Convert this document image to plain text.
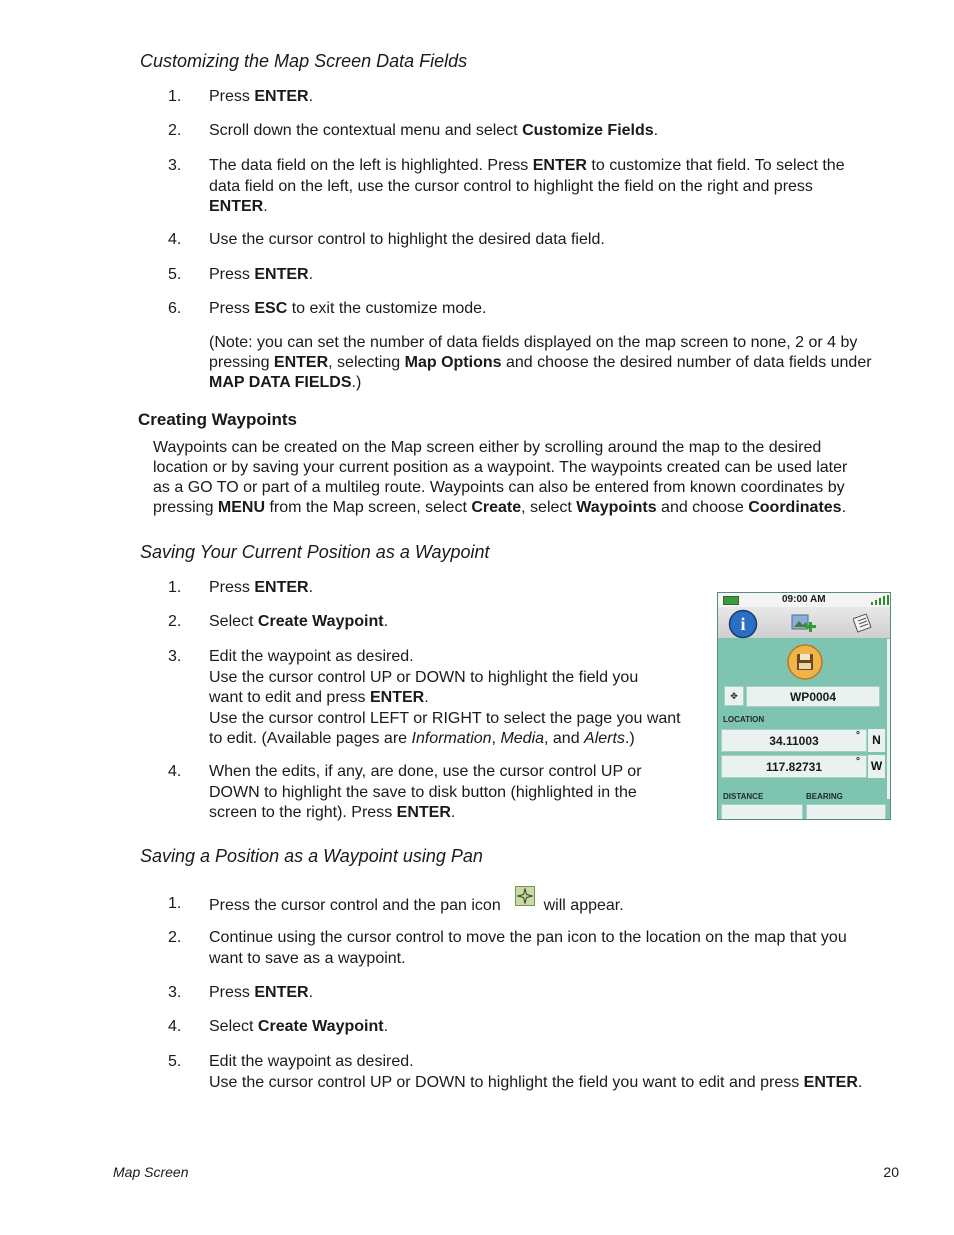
Customizing the Map Screen Data Fields
1.	Press ENTER.
2.	Scroll down the contextual menu and select Customize Fields.
3.	The data field on the left is highlighted. Press ENTER to customize that field. To select the
data field on the left, use the cursor control to highlight the field on the right and press
ENTER.
4.	Use the cursor control to highlight the desired data field.
5.	Press ENTER.
6.	Press ESC to exit the customize mode.
(Note: you can set the number of data fields displayed on the map screen to none, 2 or 4 by
pressing ENTER, selecting Map Options and choose the desired number of data fields under
MAP DATA FIELDS.)
Creating Waypoints
Waypoints can be created on the Map screen either by scrolling around the map to the desired
location or by saving your current position as a waypoint. The waypoints created can be used later
as a GO TO or part of a multileg route. Waypoints can also be entered from known coordinates by
pressing MENU from the Map screen, select Create, select Waypoints and choose Coordinates.
Saving Your Current Position as a Waypoint
1.	Press ENTER.
2.	Select Create Waypoint.
3.	Edit the waypoint as desired.
Use the cursor control UP or DOWN to highlight the field you
want to edit and press ENTER.
Use the cursor control LEFT or RIGHT to select the page you want
to edit. (Available pages are Information, Media, and Alerts.)
4.	When the edits, if any, are done, use the cursor control UP or
DOWN to highlight the save to disk button (highlighted in the
screen to the right). Press ENTER.
09:00 AM
i
✥	WP0004
LOCATION
34.11003	°	N
117.82731	° W
DISTANCE	BEARING
Saving a Position as a Waypoint using Pan
1.	Press the cursor control and the pan icon	will appear.
2.	Continue using the cursor control to move the pan icon to the location on the map that you
want to save as a waypoint.
3.	Press ENTER.
4.	Select Create Waypoint.
5.	Edit the waypoint as desired.
Use the cursor control UP or DOWN to highlight the field you want to edit and press ENTER.
Map Screen	20
